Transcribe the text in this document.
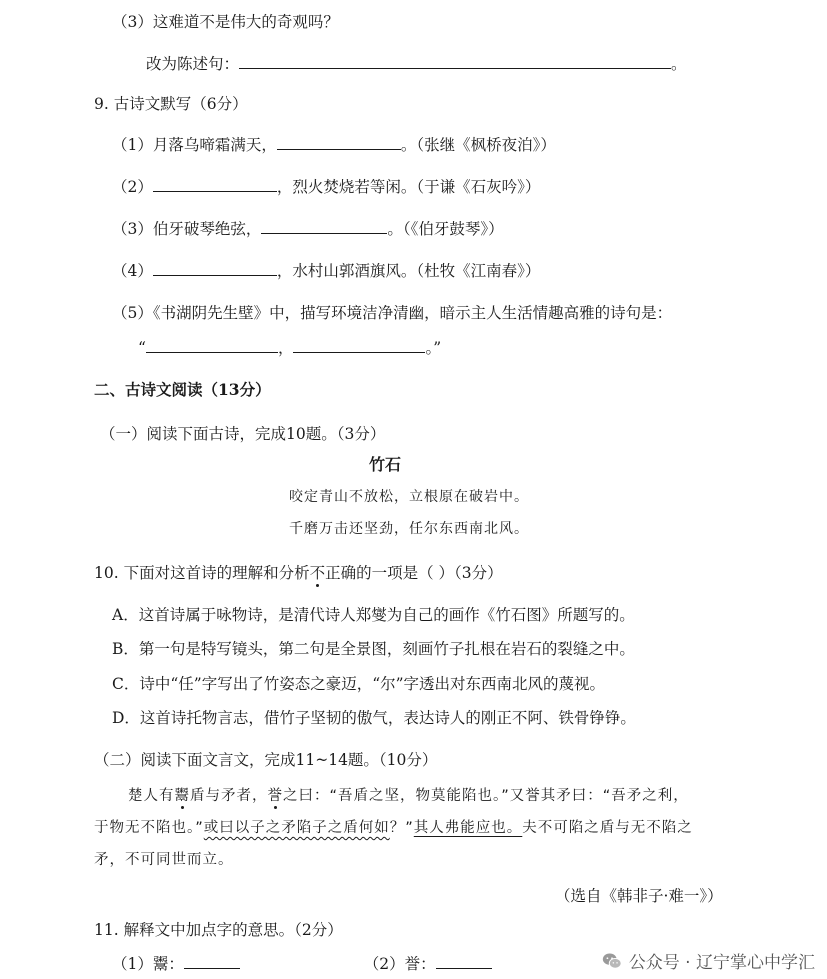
（3）这难道不是伟大的奇观吗？
改为陈述句：	。
9. 古诗文默写（6分）
（1）月落乌啼霜满天，	。（张继《枫桥夜泊》）
（2）	，烈火焚烧若等闲。（于谦《石灰吟》）
（3）伯牙破琴绝弦，	。（《伯牙鼓琴》）
（4）	，水村山郭酒旗风。（杜牧《江南春》）
（5）《书湖阴先生壁》中，描写环境洁净清幽，暗示主人生活情趣高雅的诗句是：
“	，	。”
二、古诗文阅读（13分）
（一）阅读下面古诗，完成10题。（3分）
竹石
咬定青山不放松，立根原在破岩中。
千磨万击还坚劲，任尔东西南北风。
10. 下面对这首诗的理解和分析不正确的一项是（ ）（3分）
A．这首诗属于咏物诗，是清代诗人郑燮为自己的画作《竹石图》所题写的。
B．第一句是特写镜头，第二句是全景图，刻画竹子扎根在岩石的裂缝之中。
C．诗中“任”字写出了竹姿态之豪迈，“尔”字透出对东西南北风的蔑视。
D．这首诗托物言志，借竹子坚韧的傲气，表达诗人的刚正不阿、铁骨铮铮。
（二）阅读下面文言文，完成11~14题。（10分）
楚人有鬻盾与矛者，誉之曰：“吾盾之坚，物莫能陷也。”又誉其矛曰：“吾矛之利，
于物无不陷也。”或曰以子之矛陷子之盾何如？”其人弗能应也。夫不可陷之盾与无不陷之
矛，不可同世而立。
（选自《韩非子·难一》）
11. 解释文中加点字的意思。（2分）
（1）鬻：	（2）誉：	公众号 · 辽宁掌心中学汇
